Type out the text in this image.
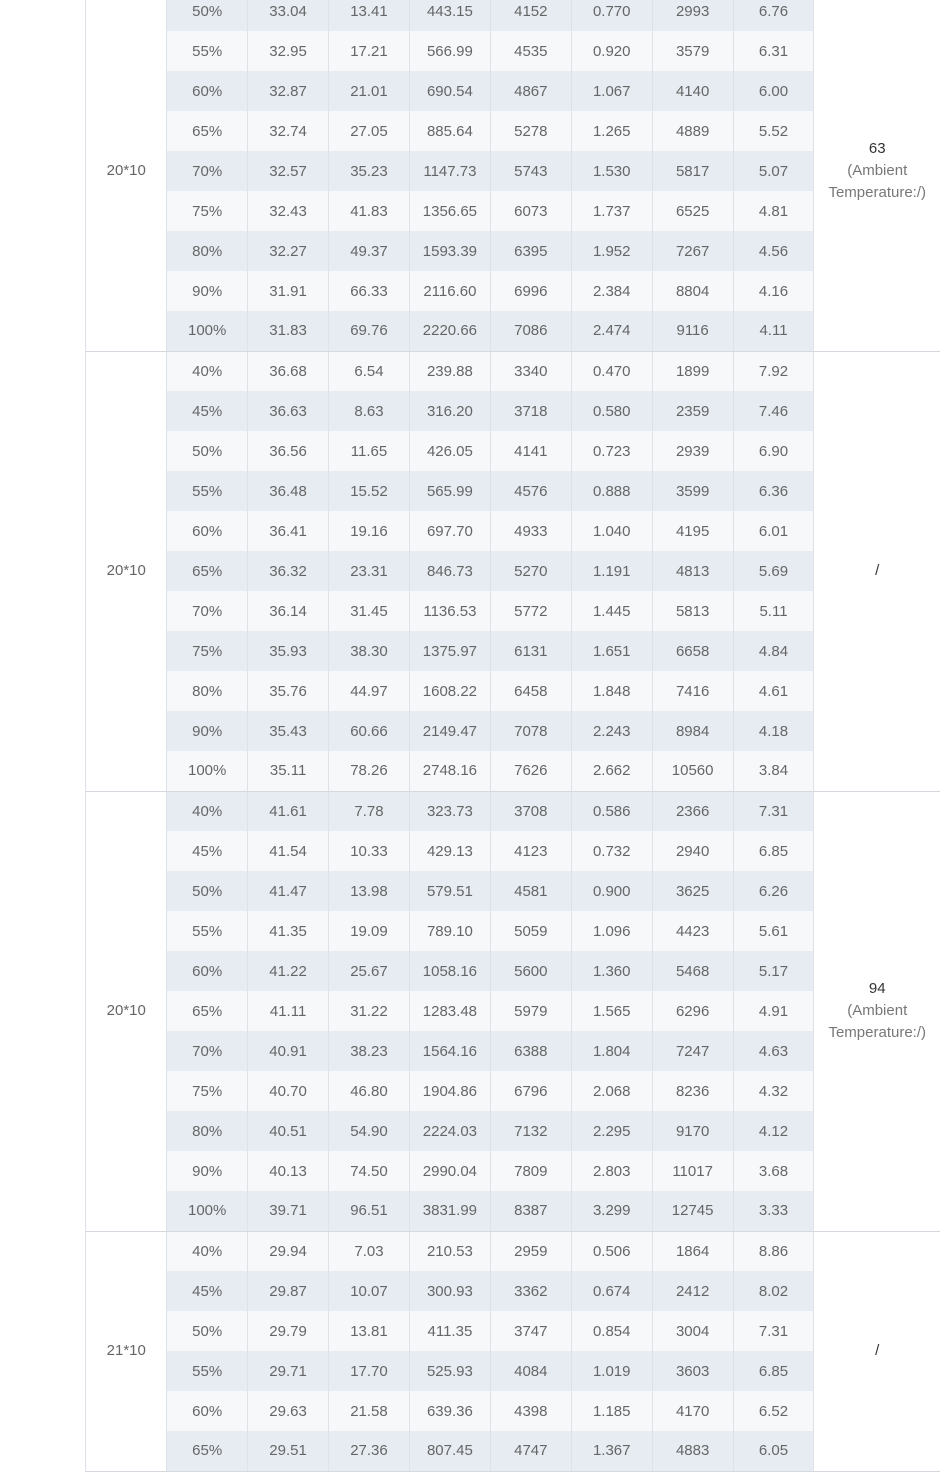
	20*10	50%	33.04	13.41	443.15	4152	0.770	2993	6.76	63
(Ambient Temperature:/)

		55%	32.95	17.21	566.99	4535	0.920	3579	6.31	
		60%	32.87	21.01	690.54	4867	1.067	4140	6.00	
		65%	32.74	27.05	885.64	5278	1.265	4889	5.52	
		70%	32.57	35.23	1147.73	5743	1.530	5817	5.07	
		75%	32.43	41.83	1356.65	6073	1.737	6525	4.81	
		80%	32.27	49.37	1593.39	6395	1.952	7267	4.56	
		90%	31.91	66.33	2116.60	6996	2.384	8804	4.16	
		100%	31.83	69.76	2220.66	7086	2.474	9116	4.11	
	20*10	40%	36.68	6.54	239.88	3340	0.470	1899	7.92	/

		45%	36.63	8.63	316.20	3718	0.580	2359	7.46	
		50%	36.56	11.65	426.05	4141	0.723	2939	6.90	
		55%	36.48	15.52	565.99	4576	0.888	3599	6.36	
		60%	36.41	19.16	697.70	4933	1.040	4195	6.01	
		65%	36.32	23.31	846.73	5270	1.191	4813	5.69	
		70%	36.14	31.45	1136.53	5772	1.445	5813	5.11	
		75%	35.93	38.30	1375.97	6131	1.651	6658	4.84	
		80%	35.76	44.97	1608.22	6458	1.848	7416	4.61	
		90%	35.43	60.66	2149.47	7078	2.243	8984	4.18	
		100%	35.11	78.26	2748.16	7626	2.662	10560	3.84	
	20*10	40%	41.61	7.78	323.73	3708	0.586	2366	7.31	94
(Ambient Temperature:/)

		45%	41.54	10.33	429.13	4123	0.732	2940	6.85	
		50%	41.47	13.98	579.51	4581	0.900	3625	6.26	
		55%	41.35	19.09	789.10	5059	1.096	4423	5.61	
		60%	41.22	25.67	1058.16	5600	1.360	5468	5.17	
		65%	41.11	31.22	1283.48	5979	1.565	6296	4.91	
		70%	40.91	38.23	1564.16	6388	1.804	7247	4.63	
		75%	40.70	46.80	1904.86	6796	2.068	8236	4.32	
		80%	40.51	54.90	2224.03	7132	2.295	9170	4.12	
		90%	40.13	74.50	2990.04	7809	2.803	11017	3.68	
		100%	39.71	96.51	3831.99	8387	3.299	12745	3.33	
	21*10	40%	29.94	7.03	210.53	2959	0.506	1864	8.86	/

		45%	29.87	10.07	300.93	3362	0.674	2412	8.02	
		50%	29.79	13.81	411.35	3747	0.854	3004	7.31	
		55%	29.71	17.70	525.93	4084	1.019	3603	6.85	
		60%	29.63	21.58	639.36	4398	1.185	4170	6.52	
		65%	29.51	27.36	807.45	4747	1.367	4883	6.05	
